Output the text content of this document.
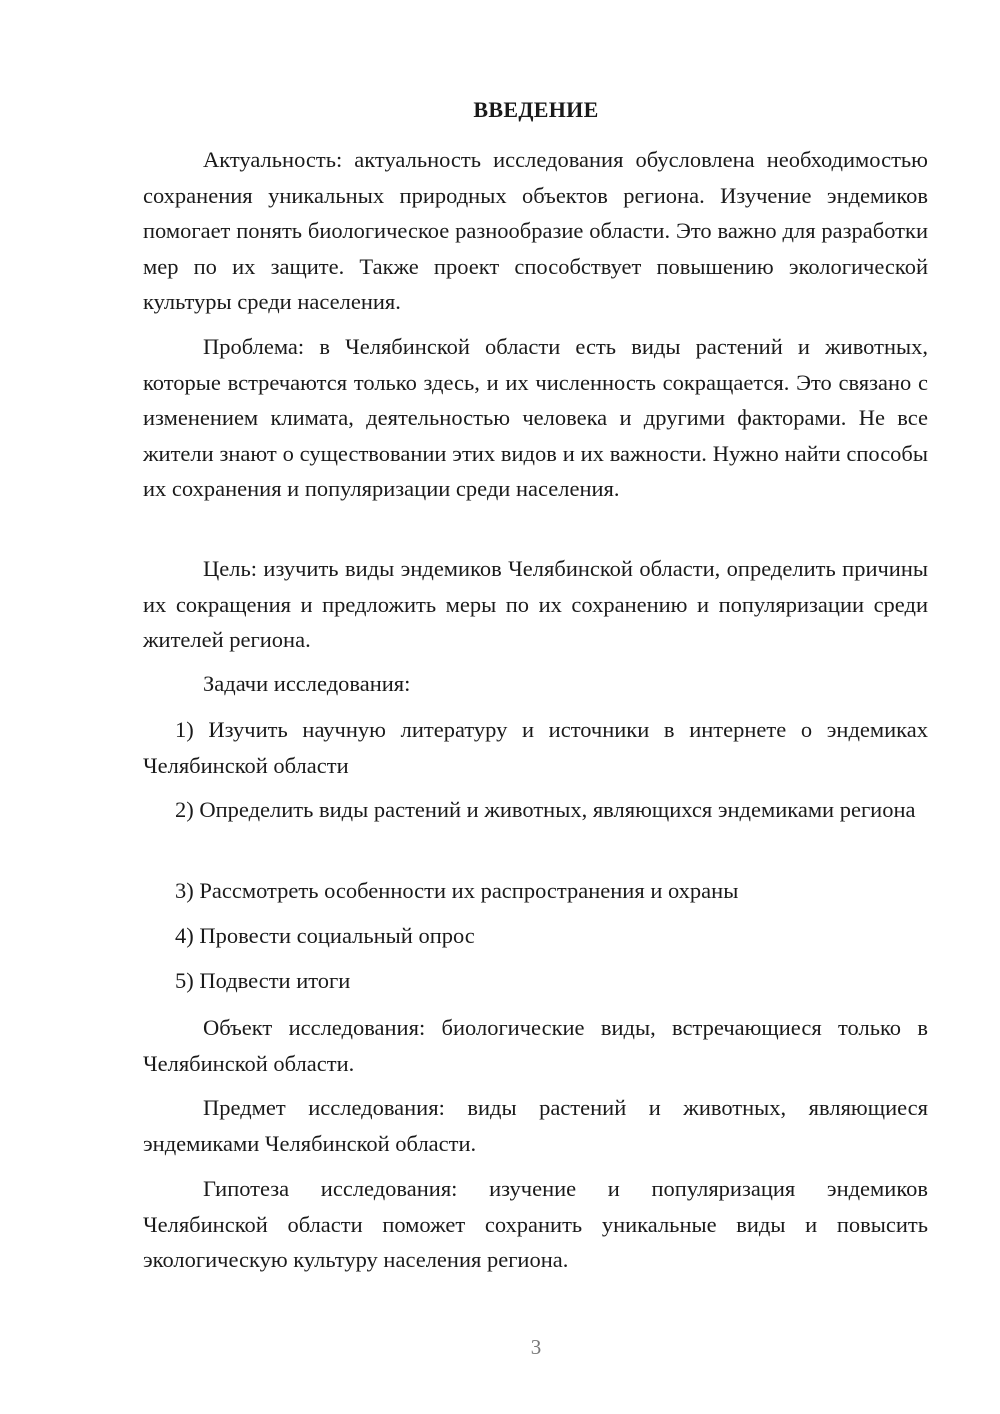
ВВЕДЕНИЕ

Актуальность: актуальность исследования обусловлена необходимостью сохранения уникальных природных объектов региона. Изучение эндемиков помогает понять биологическое разнообразие области. Это важно для разработки мер по их защите. Также проект способствует повышению экологической культуры среди населения.

Проблема: в Челябинской области есть виды растений и животных, которые встречаются только здесь, и их численность сокращается. Это связано с изменением климата, деятельностью человека и другими факторами. Не все жители знают о существовании этих видов и их важности. Нужно найти способы их сохранения и популяризации среди населения.

Цель: изучить виды эндемиков Челябинской области, определить причины их сокращения и предложить меры по их сохранению и популяризации среди жителей региона.

Задачи исследования:

1) Изучить научную литературу и источники в интернете о эндемиках Челябинской области

2) Определить виды растений и животных, являющихся эндемиками региона

3) Рассмотреть особенности их распространения и охраны

4) Провести социальный опрос

5) Подвести итоги

Объект исследования: биологические виды, встречающиеся только в Челябинской области.

Предмет исследования: виды растений и животных, являющиеся эндемиками Челябинской области.

Гипотеза исследования: изучение и популяризация эндемиков Челябинской области поможет сохранить уникальные виды и повысить экологическую культуру населения региона.

3
